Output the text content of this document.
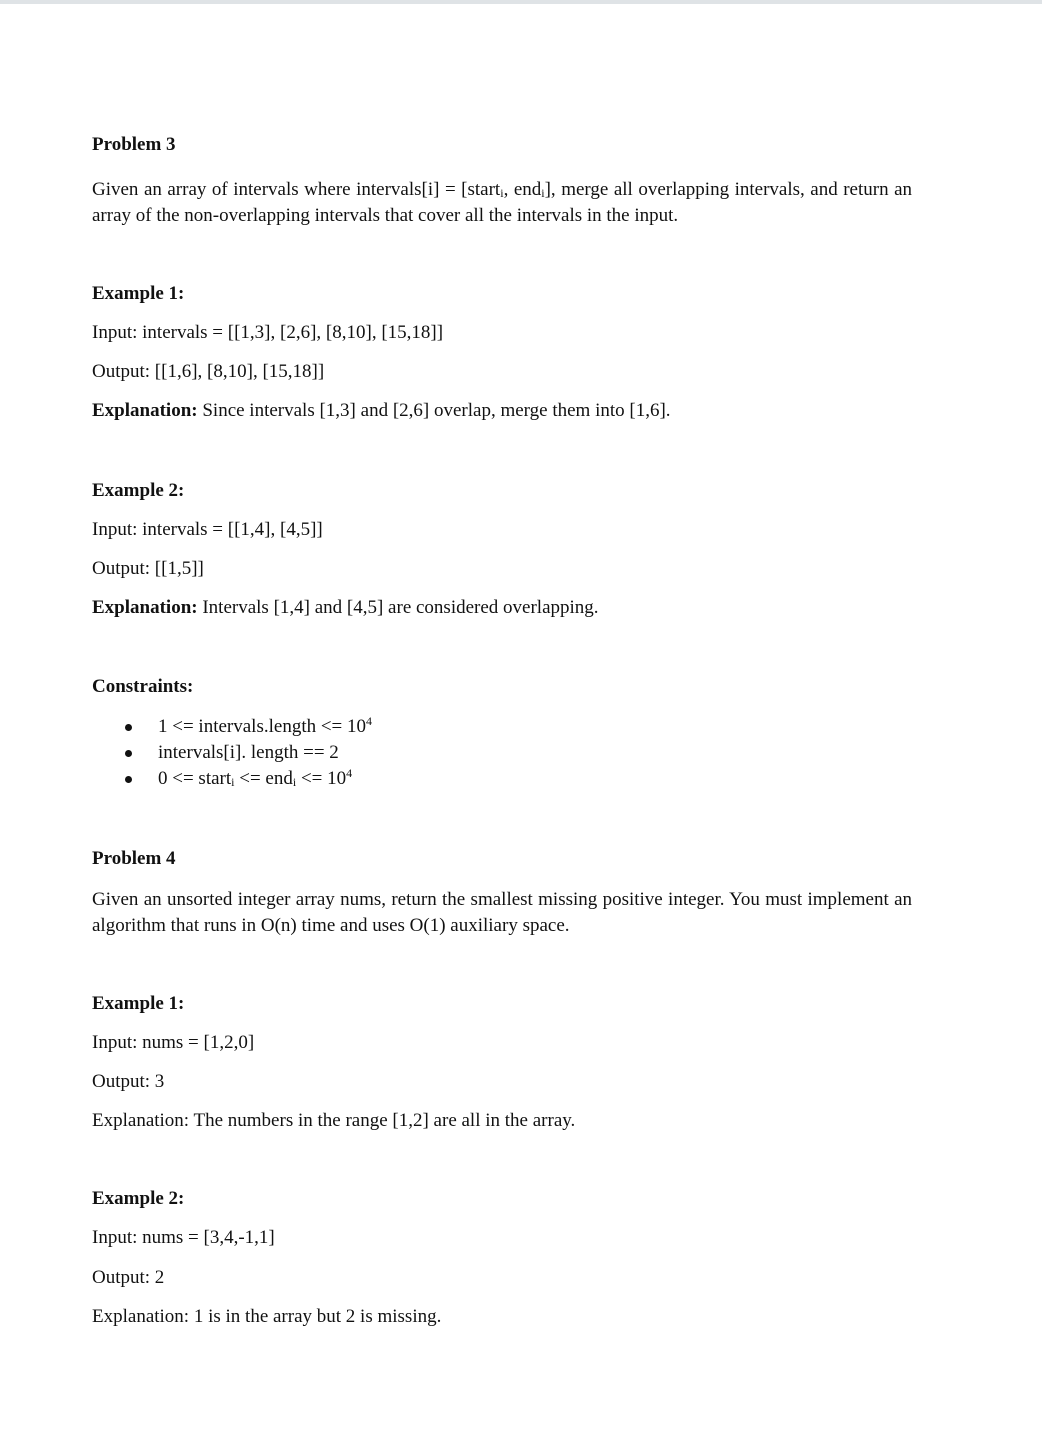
Problem 3

Given an array of intervals where intervals[i] = [start$_i$, end$_i$], merge all overlapping intervals, and return an array of the non-overlapping intervals that cover all the intervals in the input.

Example 1:

Input: intervals = [[1,3], [2,6], [8,10], [15,18]]

Output: [[1,6], [8,10], [15,18]]

Explanation: Since intervals [1,3] and [2,6] overlap, merge them into [1,6].

Example 2:

Input: intervals = [[1,4], [4,5]]

Output: [[1,5]]

Explanation: Intervals [1,4] and [4,5] are considered overlapping.

Constraints:

1 <= intervals.length <= $10^4$
intervals[i]. length == 2
0 <= start$_i$ <= $end_i <= 10^4$

Problem 4

Given an unsorted integer array nums, return the smallest missing positive integer. You must implement an algorithm that runs in O(n) time and uses O(1) auxiliary space.

Example 1:

Input: nums = [1,2,0]

Output: 3

Explanation: The numbers in the range [1,2] are all in the array.

Example 2:

Input: nums = [3,4,-1,1]

Output: 2

Explanation: 1 is in the array but 2 is missing.
